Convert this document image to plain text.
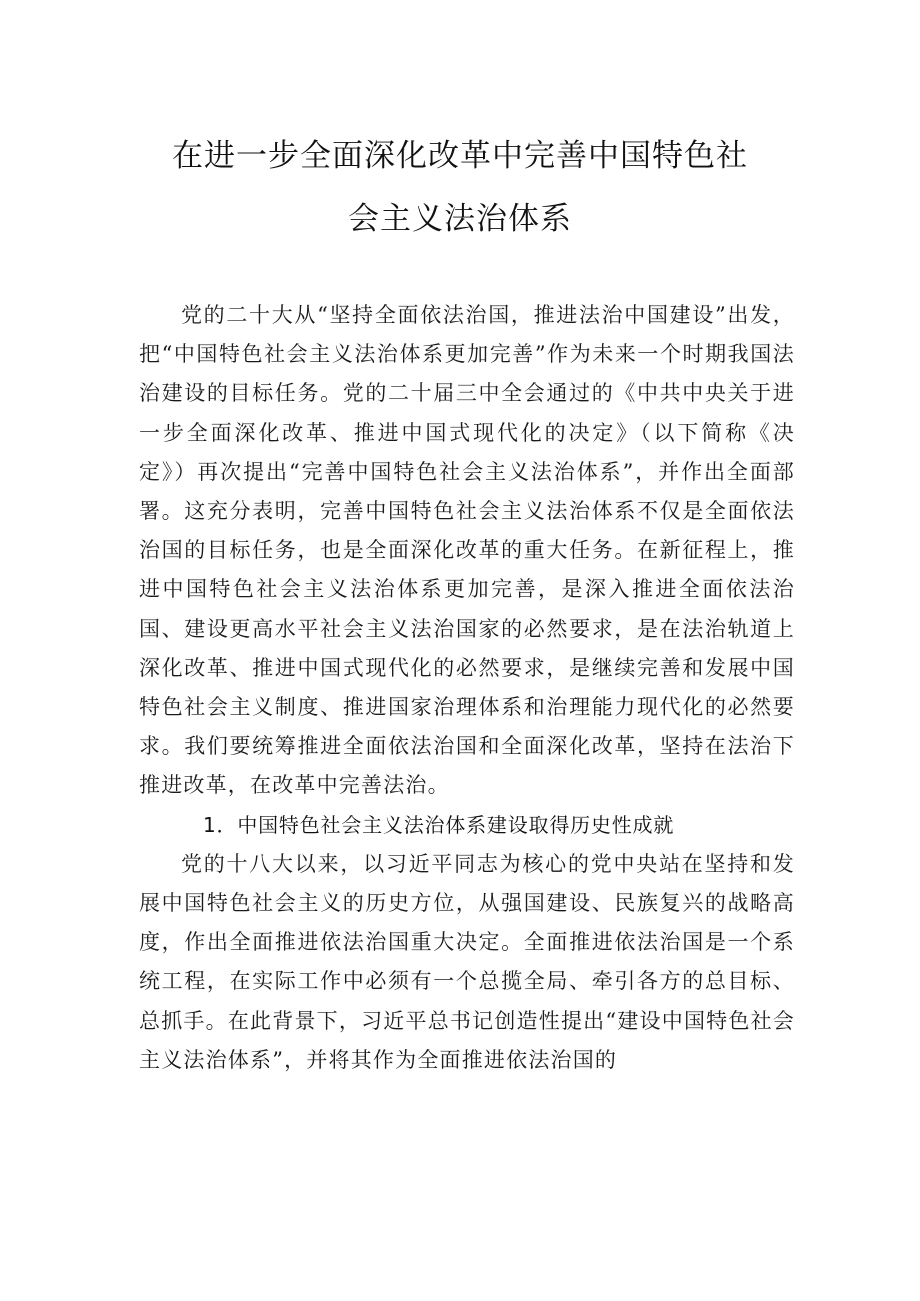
在进一步全面深化改革中完善中国特色社
会主义法治体系

党的二十大从“坚持全面依法治国，推进法治中国建设”出发，把“中国特色社会主义法治体系更加完善”作为未来一个时期我国法治建设的目标任务。党的二十届三中全会通过的《中共中央关于进一步全面深化改革、推进中国式现代化的决定》（以下简称《决定》）再次提出“完善中国特色社会主义法治体系”，并作出全面部署。这充分表明，完善中国特色社会主义法治体系不仅是全面依法治国的目标任务，也是全面深化改革的重大任务。在新征程上，推进中国特色社会主义法治体系更加完善，是深入推进全面依法治国、建设更高水平社会主义法治国家的必然要求，是在法治轨道上深化改革、推进中国式现代化的必然要求，是继续完善和发展中国特色社会主义制度、推进国家治理体系和治理能力现代化的必然要求。我们要统筹推进全面依法治国和全面深化改革，坚持在法治下推进改革，在改革中完善法治。

1．中国特色社会主义法治体系建设取得历史性成就

党的十八大以来，以习近平同志为核心的党中央站在坚持和发展中国特色社会主义的历史方位，从强国建设、民族复兴的战略高度，作出全面推进依法治国重大决定。全面推进依法治国是一个系统工程，在实际工作中必须有一个总揽全局、牵引各方的总目标、总抓手。在此背景下，习近平总书记创造性提出“建设中国特色社会主义法治体系”，并将其作为全面推进依法治国的
